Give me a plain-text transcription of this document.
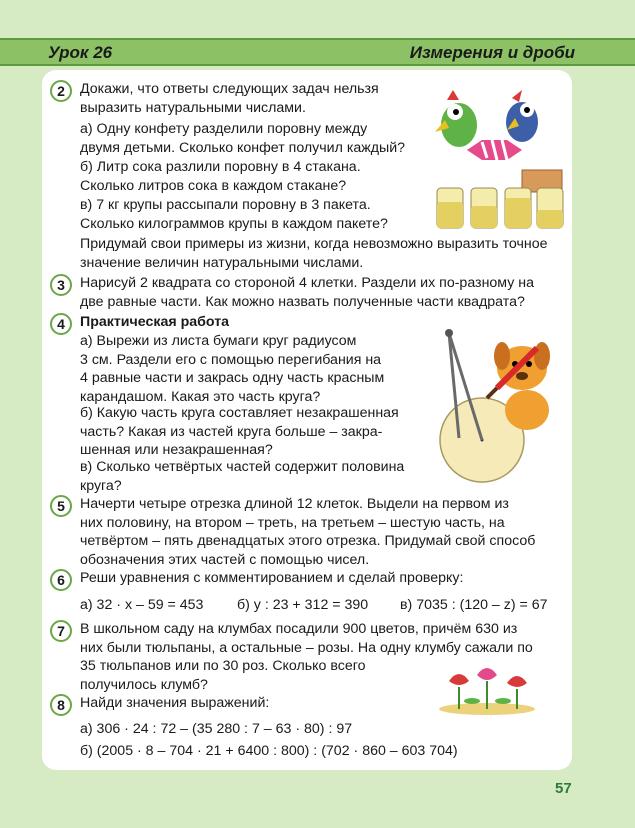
Урок 26	Измерения и дроби
2	Докажи, что ответы следующих задач нельзя
выразить натуральными числами.

а) Одну конфету разделили поровну между
двумя детьми. Сколько конфет получил каждый?

б) Литр сока разлили поровну в 4 стакана.
Сколько литров сока в каждом стакане?

в) 7 кг крупы рассыпали поровну в 3 пакета.
Сколько килограммов крупы в каждом пакете?

Придумай свои примеры из жизни, когда невозможно выразить точное
значение величин натуральными числами.

3	Нарисуй 2 квадрата со стороной 4 клетки. Раздели их по-разному на
две равные части. Как можно назвать полученные части квадрата?

4	Практическая работа

а) Вырежи из листа бумаги круг радиусом
3 см. Раздели его с помощью перегибания на
4 равные части и закрась одну часть красным
карандашом. Какая это часть круга?

б) Какую часть круга составляет незакрашенная
часть? Какая из частей круга больше – закра-
шенная или незакрашенная?

в) Сколько четвёртых частей содержит половина
круга?

5	Начерти четыре отрезка длиной 12 клеток. Выдели на первом из
них половину, на втором – треть, на третьем – шестую часть, на
четвёртом – пять двенадцатых этого отрезка. Придумай свой способ
обозначения этих частей с помощью чисел.

6	Реши уравнения с комментированием и сделай проверку:

а) 32 · x – 59 = 453 б) y : 23 + 312 = 390 в) 7035 : (120 – z) = 67

7	В школьном саду на клумбах посадили 900 цветов, причём 630 из
них были тюльпаны, а остальные – розы. На одну клумбу сажали по
35 тюльпанов или по 30 роз. Сколько всего
получилось клумб?

8	Найди значения выражений:

а) 306 · 24 : 72 – (35 280 : 7 – 63 · 80) : 97

б) (2005 · 8 – 704 · 21 + 6400 : 800) : (702 · 860 – 603 704)

57
